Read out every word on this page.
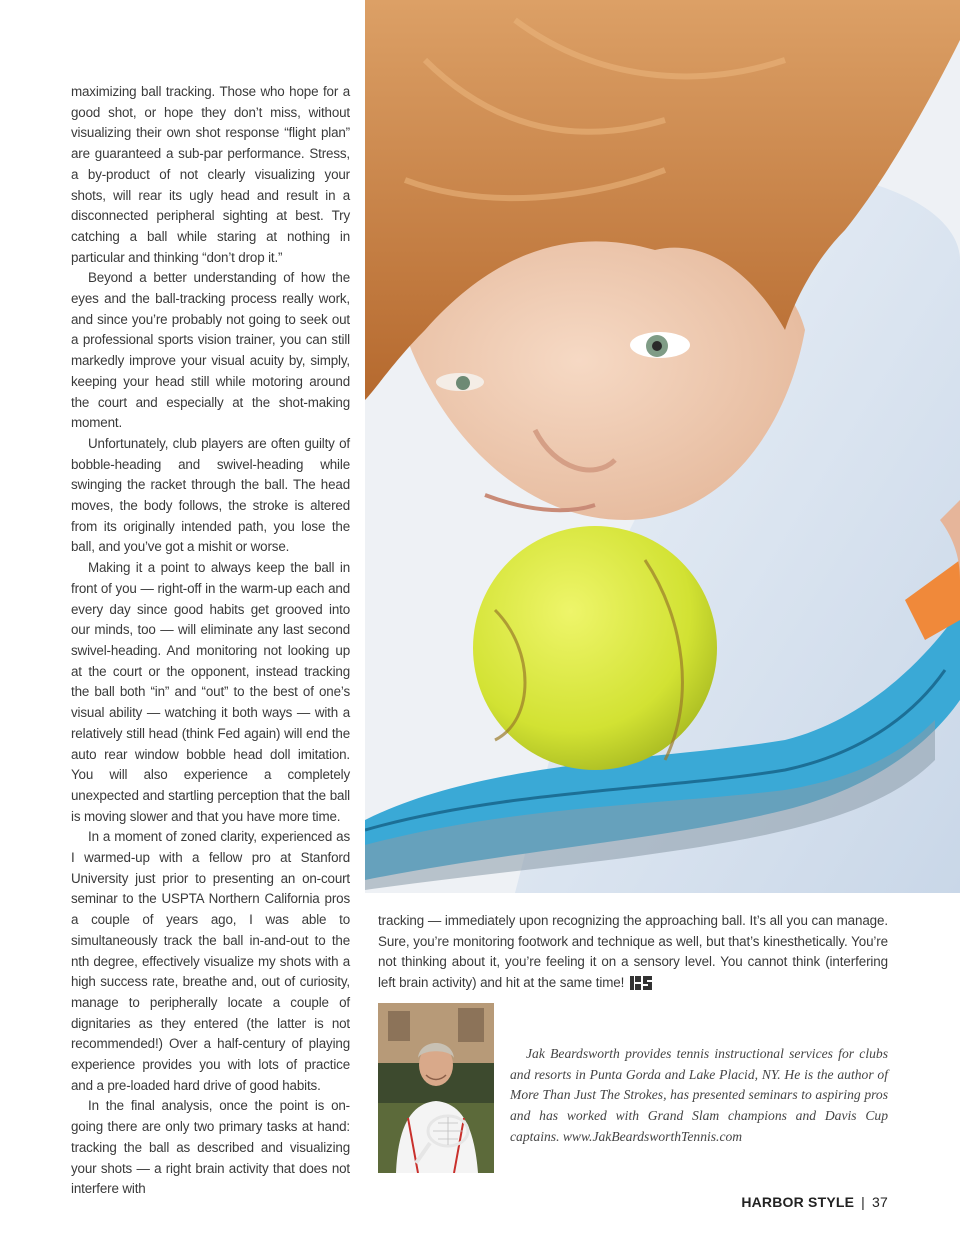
maximizing ball tracking. Those who hope for a good shot, or hope they don’t miss, without visualizing their own shot response “flight plan” are guaranteed a sub-par performance. Stress, a by-product of not clearly visualizing your shots, will rear its ugly head and result in a disconnected peripheral sighting at best. Try catching a ball while staring at nothing in particular and thinking “don’t drop it.”

Beyond a better understanding of how the eyes and the ball-tracking process really work, and since you’re probably not going to seek out a professional sports vision trainer, you can still markedly improve your visual acuity by, simply, keeping your head still while motoring around the court and especially at the shot-making moment.

Unfortunately, club players are often guilty of bobble-heading and swivel-heading while swinging the racket through the ball. The head moves, the body follows, the stroke is altered from its originally intended path, you lose the ball, and you’ve got a mishit or worse.

Making it a point to always keep the ball in front of you — right-off in the warm-up each and every day since good habits get grooved into our minds, too — will eliminate any last second swivel-heading. And monitoring not looking up at the court or the opponent, instead tracking the ball both “in” and “out” to the best of one’s visual ability — watching it both ways — with a relatively still head (think Fed again) will end the auto rear window bobble head doll imitation. You will also experience a completely unexpected and startling perception that the ball is moving slower and that you have more time.

In a moment of zoned clarity, experienced as I warmed-up with a fellow pro at Stanford University just prior to presenting an on-court seminar to the USPTA Northern California pros a couple of years ago, I was able to simultaneously track the ball in-and-out to the nth degree, effectively visualize my shots with a high success rate, breathe and, out of curiosity, manage to peripherally locate a couple of dignitaries as they entered (the latter is not recommended!) Over a half-century of playing experience provides you with lots of practice and a pre-loaded hard drive of good habits.

In the final analysis, once the point is on-going there are only two primary tasks at hand: tracking the ball as described and visualizing your shots — a right brain activity that does not interfere with

tracking — immediately upon recognizing the approaching ball. It’s all you can manage. Sure, you’re monitoring footwork and technique as well, but that’s kinesthetically. You’re not thinking about it, you’re feeling it on a sensory level. You cannot think (interfering left brain activity) and hit at the same time!

Jak Beardsworth provides tennis instructional services for clubs and resorts in Punta Gorda and Lake Placid, NY. He is the author of More Than Just The Strokes, has presented seminars to aspiring pros and has worked with Grand Slam champions and Davis Cup captains. www.JakBeardsworthTennis.com

HARBOR STYLE | 37
